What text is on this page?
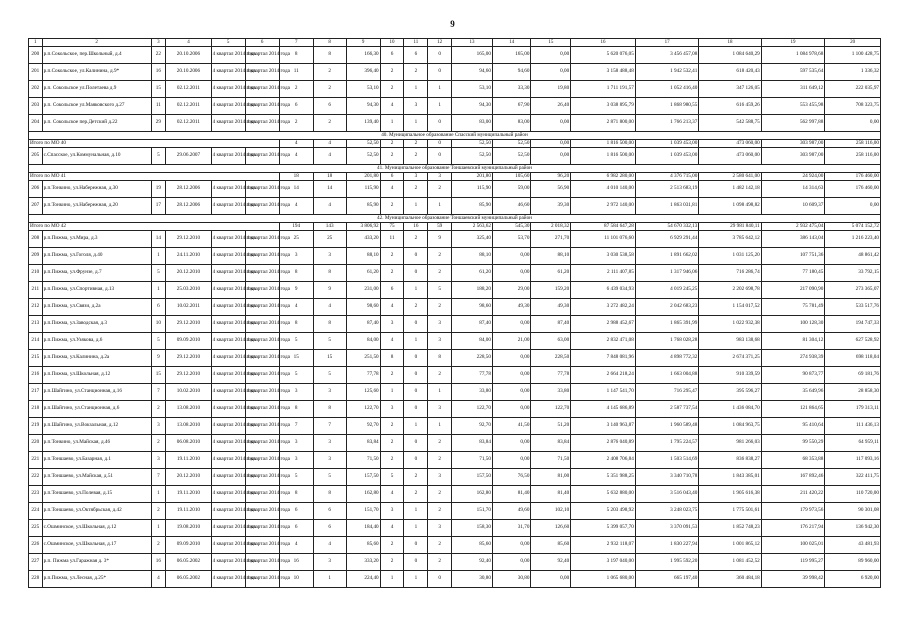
9
1	2	3	4	5	6	7	8	9	10	11	12	13	14	15	16	17	18	19	20
200	р.п.Сокольское, пер.Школьный, д.4	22	20.10.2006	4 квартал 2014 года	4 квартал 2014 года	8	8	166,30	6	6	0	165,00	165,00	0,00	5 620 076,05	3 456 457,08	1 084 640,29	1 084 978,68	1 100 428,75
201	р.п.Сокольское, ул.Калинина, д.9*	16	20.10.2006	4 квартал 2014 года	4 квартал 2014 года	11	2	396,40	2	2	0	94,60	94,60	0,00	3 158 488,48	1 942 532,41	618 420,43	597 535,64	1 336,32
202	р.п. Сокольское ул.Полетаева д.9	15	02.12.2011	4 квартал 2014 года	4 квартал 2014 года	2	2	53,10	2	1	1	53,10	33,30	19,80	1 711 191,57	1 052 416,40	347 126,05	311 649,12	222 035,97
203	р.п. Сокольское ул.Маяковского д.27	11	02.12.2011	4 квартал 2014 года	4 квартал 2014 года	6	6	94,30	4	3	1	94,30	67,90	26,40	3 038 895,79	1 868 980,55	616 459,26	553 455,98	708 323,75
204	р.п. Сокольское пер.Детский д.22	29	02.12.2011	4 квартал 2014 года	4 квартал 2014 года	2	2	139,40	1	1	0	83,00	83,00	0,00	2 871 800,00	1 766 213,37	542 588,75	562 997,88	0,00
40. Муниципальное образование Спасский муниципальный район																			
Итого по МО 40						4	4	52,50	2	2	0	52,50	52,50	0,00	1 816 500,00	1 039 453,00	473 060,00	303 987,00	258 116,00
205	с.Спасское, ул.Коммунальная, д.10	5	29.06.2007	4 квартал 2014 года	4 квартал 2014 года	4	4	52,50	2	2	0	52,50	52,50	0,00	1 816 500,00	1 039 453,00	473 060,00	303 987,00	258 116,00
41. Муниципальное образование Тоншаевский муниципальный район																			
Итого по МО 41						18	18	201,80	6	3	3	201,80	105,60	96,20	6 982 280,00	4 376 715,00	2 580 641,00	24 924,00	176 460,00
206	р.п.Тонкино, ул.Набережная, д.30	19	28.12.2006	4 квартал 2014 года	4 квартал 2014 года	14	14	115,90	4	2	2	115,90	59,00	56,90	4 010 140,00	2 513 683,19	1 482 142,18	14 314,63	176 460,00
207	р.п.Тонкино, ул.Набережная, д.20	17	28.12.2006	4 квартал 2014 года	4 квартал 2014 года	4	4	85,90	2	1	1	85,90	46,60	39,30	2 972 140,00	1 863 031,81	1 098 498,82	10 609,37	0,00
42. Муниципальное образование Тоншаевский муниципальный район																			
Итого по МО 42						194	143	3 806,92	75	16	59	2 563,62	545,30	2 018,32	87 584 647,28	54 670 332,13	29 981 840,11	2 932 475,04	5 074 152,72
208	р.п.Пижма, ул.Мира, д.3	14	29.12.2010	4 квартал 2014 года	4 квартал 2014 года	25	25	433,20	11	2	9	325,40	53,70	271,70	11 101 076,60	6 929 291,44	3 785 642,12	386 143,04	1 216 223,40
209	р.п.Пижма, ул.Гоголя, д.40	1	24.11.2010	4 квартал 2014 года	4 квартал 2014 года	3	3	88,10	2	0	2	88,10	0,00	88,10	3 030 538,58	1 891 662,02	1 031 125,20	107 751,36	48 861,42
210	р.п.Пижма, ул.Фрунзе, д.7	5	20.12.2010	4 квартал 2014 года	4 квартал 2014 года	8	8	61,20	2	0	2	61,20	0,00	61,20	2 111 407,85	1 317 946,06	716 286,74	77 180,45	33 792,15
211	р.п.Пижма, ул.Спортивная, д.13	1	25.03.2010	4 квартал 2014 года	4 квартал 2014 года	9	9	231,00	6	1	5	188,20	29,00	159,20	6 439 034,93	4 019 245,25	2 202 698,78	217 090,90	273 365,07
212	р.п.Пижма, ул.Связи, д.2а	6	10.02.2011	4 квартал 2014 года	4 квартал 2014 года	4	4	98,60	4	2	2	98,60	49,30	49,30	3 272 482,24	2 042 683,23	1 154 017,52	75 781,49	533 517,76
213	р.п.Пижма, ул.Заводская, д.3	10	29.12.2010	4 квартал 2014 года	4 квартал 2014 года	8	8	87,40	3	0	3	87,40	0,00	87,40	2 988 452,67	1 865 391,99	1 022 932,38	100 128,30	194 747,33
214	р.п.Пижма, ул.Узякова, д.6	5	09.09.2010	4 квартал 2014 года	4 квартал 2014 года	5	5	84,00	4	1	3	84,00	21,00	63,00	2 832 471,08	1 768 028,28	983 138,68	81 304,12	627 528,92
215	р.п.Пижма, ул.Калинина, д.2а	9	29.12.2010	4 квартал 2014 года	4 квартал 2014 года	15	15	251,50	8	0	8	228,50	0,00	228,50	7 848 081,96	4 898 772,32	2 674 371,25	274 938,39	698 118,04
216	р.п.Пижма, ул.Школьная, д.12	15	29.12.2010	4 квартал 2014 года	4 квартал 2014 года	5	5	77,78	2	0	2	77,78	0,00	77,78	2 664 218,24	1 663 004,88	910 339,59	90 873,77	69 181,76
217	р.п.Шайгино, ул.Станционная, д.16	7	10.02.2010	4 квартал 2014 года	4 квартал 2014 года	3	3	125,60	1	0	1	33,80	0,00	33,80	1 147 541,70	716 295,47	395 596,27	35 649,96	28 858,30
218	р.п.Шайгино, ул.Станционная, д.6	2	13.08.2010	4 квартал 2014 года	4 квартал 2014 года	8	8	122,70	3	0	3	122,70	0,00	122,70	4 145 686,89	2 587 737,54	1 436 084,70	121 864,65	179 313,11
219	р.п.Шайгино, ул.Вокзальная, д.12	3	13.08.2010	4 квартал 2014 года	4 квартал 2014 года	7	7	92,70	2	1	1	92,70	41,50	51,20	3 140 963,87	1 960 589,48	1 084 963,75	95 410,64	111 436,13
220	р.п.Тонкино, ул.Майская, д.46	2	06.08.2010	4 квартал 2014 года	4 квартал 2014 года	3	3	83,84	2	0	2	83,84	0,00	83,84	2 876 040,89	1 795 224,57	981 266,03	99 550,29	64 959,11
221	р.п.Тоншаево, ул.Базарная, д.1	3	19.11.2010	4 квартал 2014 года	4 квартал 2014 года	3	3	71,50	2	0	2	71,50	0,00	71,50	2 408 706,84	1 503 514,69	836 838,27	68 353,88	117 093,16
222	р.п.Тоншаево, ул.Майская, д.51	7	20.12.2010	4 квартал 2014 года	4 квартал 2014 года	5	5	157,50	5	2	3	157,50	76,50	81,00	5 351 988,25	3 340 710,78	1 843 385,01	167 892,46	322 411,75
223	р.п.Тоншаево, ул.Полевая, д.15	1	19.11.2010	4 квартал 2014 года	4 квартал 2014 года	8	8	162,80	4	2	2	162,80	81,40	81,40	5 632 880,00	3 516 043,40	1 905 616,38	211 420,22	110 720,00
224	р.п.Тоншаево, ул.Октябрьская, д.42	2	19.11.2010	4 квартал 2014 года	4 квартал 2014 года	6	6	151,70	3	1	2	151,70	49,60	102,10	5 203 498,92	3 248 023,75	1 775 501,61	179 973,56	90 301,08
225	с.Ошминское, ул.Школьная, д.12	1	19.08.2010	4 квартал 2014 года	4 квартал 2014 года	6	6	184,40	4	1	3	158,30	31,70	126,60	5 399 057,70	3 370 091,53	1 852 748,23	176 217,94	136 942,30
226	с.Ошминское, ул.Школьная, д.17	2	09.09.2010	4 квартал 2014 года	4 квартал 2014 года	4	4	85,60	2	0	2	85,60	0,00	85,60	2 932 118,07	1 830 227,94	1 001 865,12	100 025,01	43 481,93
227	р.п. Пижма ул.Гаражная д. 3*	16	06.05.2002	4 квартал 2014 года	4 квартал 2014 года	16	3	333,20	2	0	2	92,40	0,00	92,40	3 197 040,00	1 995 592,20	1 081 452,52	119 995,27	89 960,00
228	р.п.Пижма, ул.Лесная, д.25*	4	06.05.2002	4 квартал 2014 года	4 квартал 2014 года	10	1	224,40	1	1	0	30,80	30,80	0,00	1 065 680,00	665 197,40	360 484,18	39 998,42	6 920,00
